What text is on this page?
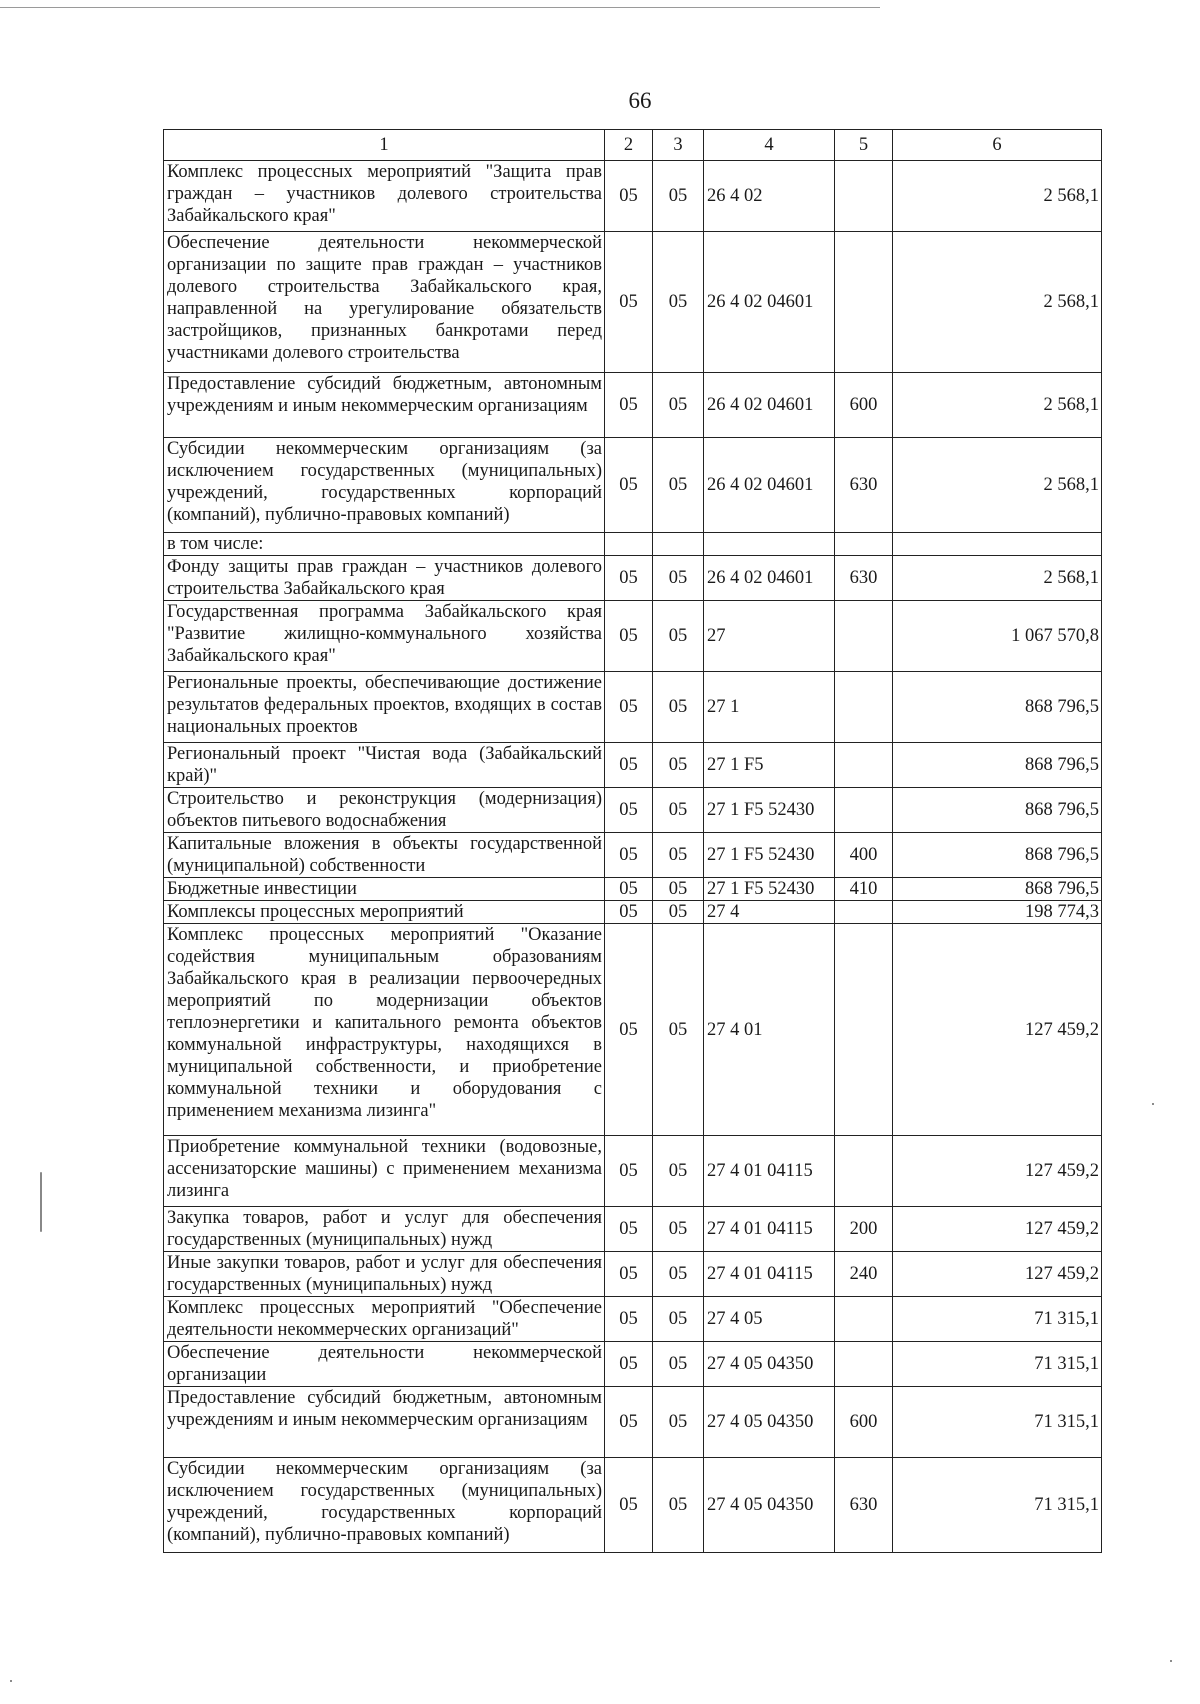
66
1	2	3	4	5	6
Комплекс процессных мероприятий "Защита прав граждан – участников долевого строительства Забайкальского края"	05	05	26 4 02		2 568,1
Обеспечение деятельности некоммерческой организации по защите прав граждан – участников долевого строительства Забайкальского края, направленной на урегулирование обязательств застройщиков, признанных банкротами перед участниками долевого строительства	05	05	26 4 02 04601		2 568,1
Предоставление субсидий бюджетным, автономным учреждениям и иным некоммерческим организациям	05	05	26 4 02 04601	600	2 568,1
Субсидии некоммерческим организациям (за исключением государственных (муниципальных) учреждений, государственных корпораций (компаний), публично-правовых компаний)	05	05	26 4 02 04601	630	2 568,1
в том числе:					
Фонду защиты прав граждан – участников долевого строительства Забайкальского края	05	05	26 4 02 04601	630	2 568,1
Государственная программа Забайкальского края "Развитие жилищно-коммунального хозяйства Забайкальского края"	05	05	27		1 067 570,8
Региональные проекты, обеспечивающие достижение результатов федеральных проектов, входящих в состав национальных проектов	05	05	27 1		868 796,5
Региональный проект "Чистая вода (Забайкальский край)"	05	05	27 1 F5		868 796,5
Строительство и реконструкция (модернизация) объектов питьевого водоснабжения	05	05	27 1 F5 52430		868 796,5
Капитальные вложения в объекты государственной (муниципальной) собственности	05	05	27 1 F5 52430	400	868 796,5
Бюджетные инвестиции	05	05	27 1 F5 52430	410	868 796,5
Комплексы процессных мероприятий	05	05	27 4		198 774,3
Комплекс процессных мероприятий "Оказание содействия муниципальным образованиям Забайкальского края в реализации первоочередных мероприятий по модернизации объектов теплоэнергетики и капитального ремонта объектов коммунальной инфраструктуры, находящихся в муниципальной собственности, и приобретение коммунальной техники и оборудования с применением механизма лизинга"	05	05	27 4 01		127 459,2
Приобретение коммунальной техники (водовозные, ассенизаторские машины) с применением механизма лизинга	05	05	27 4 01 04115		127 459,2
Закупка товаров, работ и услуг для обеспечения государственных (муниципальных) нужд	05	05	27 4 01 04115	200	127 459,2
Иные закупки товаров, работ и услуг для обеспечения государственных (муниципальных) нужд	05	05	27 4 01 04115	240	127 459,2
Комплекс процессных мероприятий "Обеспечение деятельности некоммерческих организаций"	05	05	27 4 05		71 315,1
Обеспечение деятельности некоммерческой организации	05	05	27 4 05 04350		71 315,1
Предоставление субсидий бюджетным, автономным учреждениям и иным некоммерческим организациям	05	05	27 4 05 04350	600	71 315,1
Субсидии некоммерческим организациям (за исключением государственных (муниципальных) учреждений, государственных корпораций (компаний), публично-правовых компаний)	05	05	27 4 05 04350	630	71 315,1
